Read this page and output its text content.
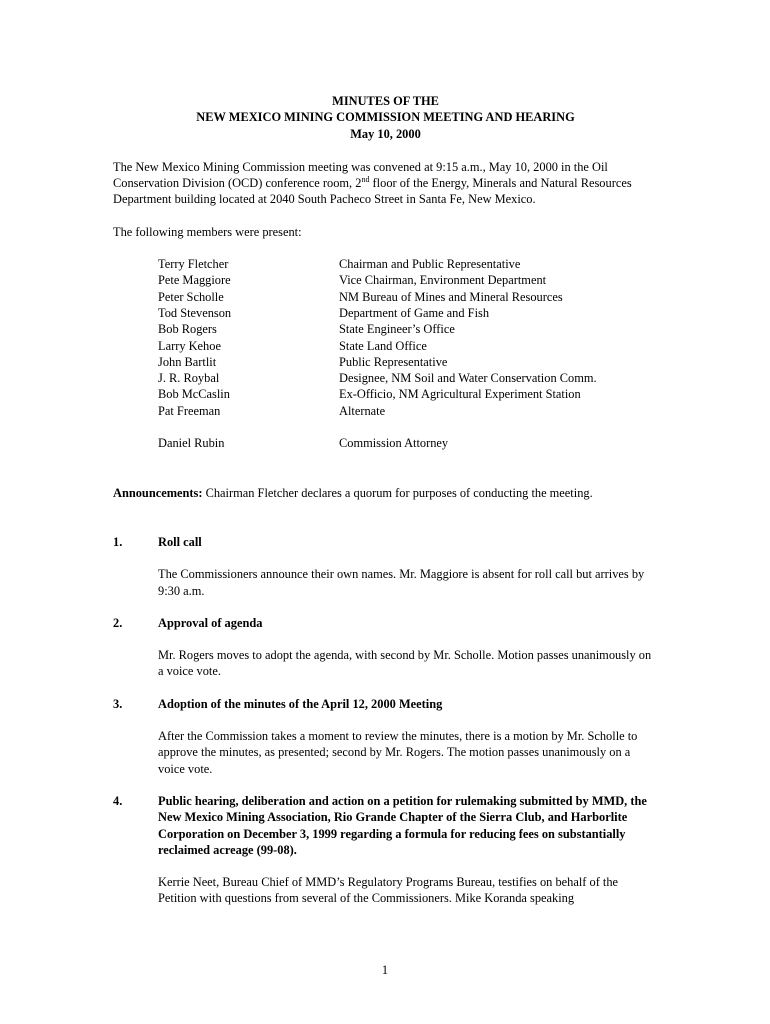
MINUTES OF THE
NEW MEXICO MINING COMMISSION MEETING AND HEARING
May 10, 2000

The New Mexico Mining Commission meeting was convened at 9:15 a.m., May 10, 2000 in the Oil Conservation Division (OCD) conference room, 2nd floor of the Energy, Minerals and Natural Resources Department building located at 2040 South Pacheco Street in Santa Fe, New Mexico.

The following members were present:

Terry Fletcher	Chairman and Public Representative
Pete Maggiore	Vice Chairman, Environment Department
Peter Scholle	NM Bureau of Mines and Mineral Resources
Tod Stevenson	Department of Game and Fish
Bob Rogers	State Engineer’s Office
Larry Kehoe	State Land Office
John Bartlit	Public Representative
J. R. Roybal	Designee, NM Soil and Water Conservation Comm.
Bob McCaslin	Ex-Officio, NM Agricultural Experiment Station
Pat Freeman	Alternate
Daniel Rubin	Commission Attorney

Announcements: Chairman Fletcher declares a quorum for purposes of conducting the meeting.

1.	Roll call

The Commissioners announce their own names. Mr. Maggiore is absent for roll call but arrives by 9:30 a.m.

2.	Approval of agenda

Mr. Rogers moves to adopt the agenda, with second by Mr. Scholle. Motion passes unanimously on a voice vote.

3.	Adoption of the minutes of the April 12, 2000 Meeting

After the Commission takes a moment to review the minutes, there is a motion by Mr. Scholle to approve the minutes, as presented; second by Mr. Rogers. The motion passes unanimously on a voice vote.

4.	Public hearing, deliberation and action on a petition for rulemaking submitted by MMD, the New Mexico Mining Association, Rio Grande Chapter of the Sierra Club, and Harborlite Corporation on December 3, 1999 regarding a formula for reducing fees on substantially reclaimed acreage (99-08).

Kerrie Neet, Bureau Chief of MMD’s Regulatory Programs Bureau, testifies on behalf of the Petition with questions from several of the Commissioners. Mike Koranda speaking

1
